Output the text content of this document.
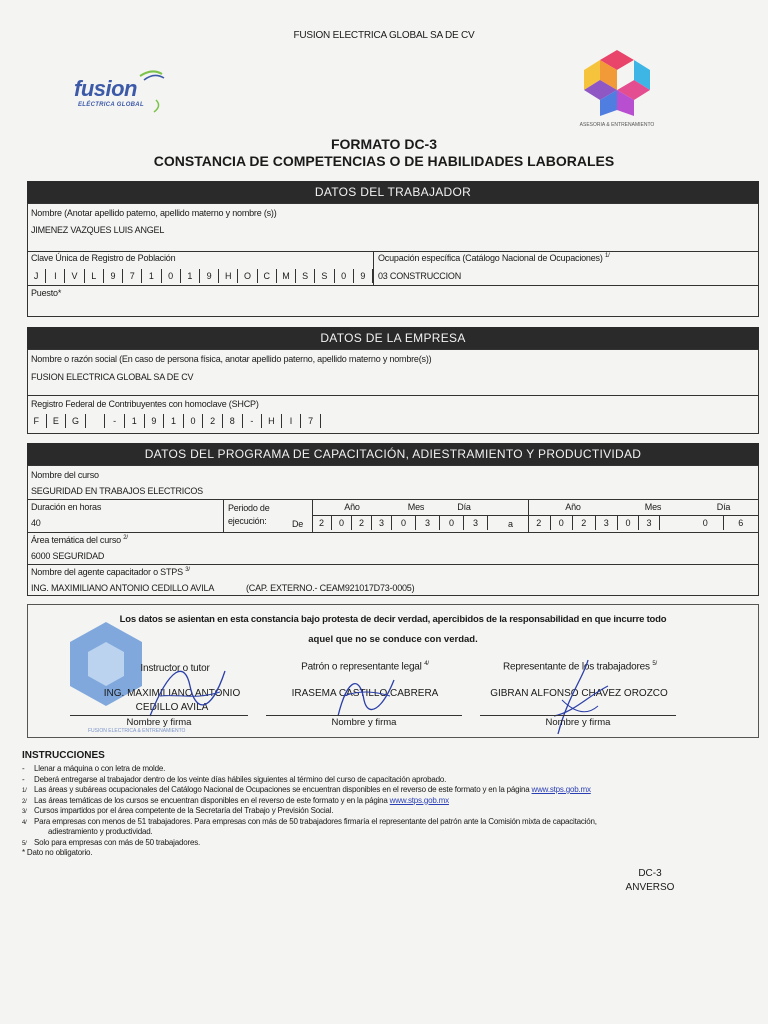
FUSION ELECTRICA GLOBAL SA DE CV
fusion
ELÉCTRICA GLOBAL
ASESORIA & ENTRENAMIENTO
FORMATO DC-3
CONSTANCIA DE COMPETENCIAS O DE HABILIDADES LABORALES
DATOS DEL TRABAJADOR
Nombre (Anotar apellido paterno, apellido materno y nombre (s))
JIMENEZ VAZQUES LUIS ANGEL
Clave Única de Registro de Población
J	I	V	L	9	7	1	0	1	9	H	O	C	M	S	S	0	9
Ocupación específica (Catálogo Nacional de Ocupaciones) $^{1/}$
03 CONSTRUCCION
Puesto*
DATOS DE LA EMPRESA
Nombre o razón social (En caso de persona física, anotar apellido paterno, apellido materno y nombre(s))
FUSION ELECTRICA GLOBAL SA DE CV
Registro Federal de Contribuyentes con homoclave (SHCP)
F	E	G	-	1	9	1	0	2	8	-	H	I	7
DATOS DEL PROGRAMA DE CAPACITACIÓN, ADIESTRAMIENTO Y PRODUCTIVIDAD
Nombre del curso
SEGURIDAD EN TRABAJOS ELECTRICOS
Duración en horas
40
Periodo de
ejecución:	De
Año	Mes	Día
2	0	2	3	0	3	0	3	a
Año	Mes	Día
2	0	2	3	0	3	0	6
Área temática del curso $^{2/}$
6000 SEGURIDAD
Nombre del agente capacitador o STPS $^{3/}$
ING. MAXIMILIANO ANTONIO CEDILLO AVILA	(CAP. EXTERNO.- CEAM921017D73-0005)
FUSION ELECTRICA & ENTRENAMIENTO
Los datos se asientan en esta constancia bajo protesta de decir verdad, apercibidos de la responsabilidad en que incurre todo
aquel que no se conduce con verdad.
Instructor o tutor	Patrón o representante legal $^{4/}$	Representante de los trabajadores $^{5/}$
ING. MAXIMILIANO ANTONIO
CEDILLO AVILA
IRASEMA CASTILLO CABRERA	GIBRAN ALFONSO CHAVEZ OROZCO
Nombre y firma	Nombre y firma	Nombre y firma
INSTRUCCIONES
- Llenar a máquina o con letra de molde.
- Deberá entregarse al trabajador dentro de los veinte días hábiles siguientes al término del curso de capacitación aprobado.
1/ Las áreas y subáreas ocupacionales del Catálogo Nacional de Ocupaciones se encuentran disponibles en el reverso de este formato y en la página www.stps.gob.mx
2/ Las áreas temáticas de los cursos se encuentran disponibles en el reverso de este formato y en la página www.stps.gob.mx
3/ Cursos impartidos por el área competente de la Secretaría del Trabajo y Previsión Social.
4/ Para empresas con menos de 51 trabajadores. Para empresas con más de 50 trabajadores firmaría el representante del patrón ante la Comisión mixta de capacitación,
adiestramiento y productividad.
5/ Solo para empresas con más de 50 trabajadores.
* Dato no obligatorio.
DC-3
ANVERSO
